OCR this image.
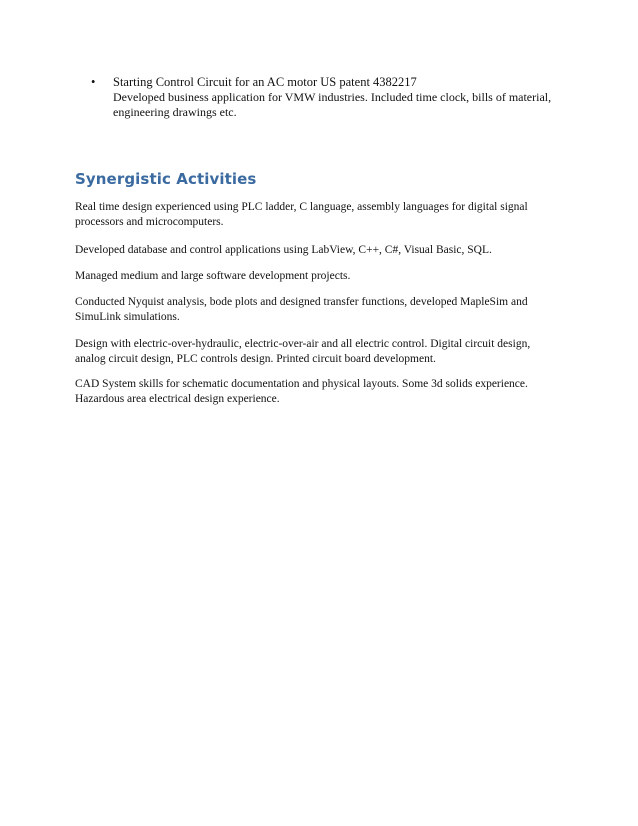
• Starting Control Circuit for an AC motor US patent 4382217
Developed business application for VMW industries. Included time clock, bills of material, engineering drawings etc.
Synergistic Activities
Real time design experienced using PLC ladder, C language, assembly languages for digital signal processors and microcomputers.
Developed database and control applications using LabView, C++, C#, Visual Basic, SQL.
Managed medium and large software development projects.
Conducted Nyquist analysis, bode plots and designed transfer functions, developed MapleSim and SimuLink simulations.
Design with electric-over-hydraulic, electric-over-air and all electric control. Digital circuit design, analog circuit design, PLC controls design. Printed circuit board development.
CAD System skills for schematic documentation and physical layouts. Some 3d solids experience. Hazardous area electrical design experience.
